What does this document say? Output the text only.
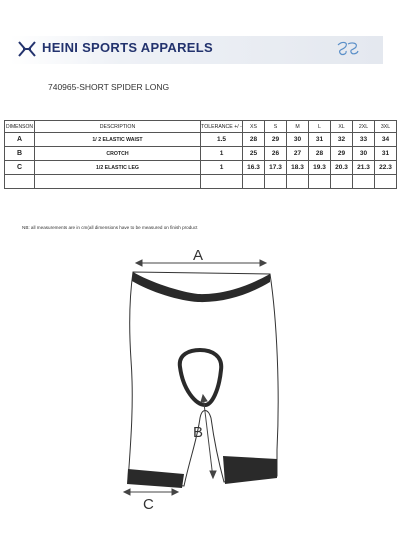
HEINI SPORTS APPARELS
740965-SHORT SPIDER LONG
DIMENSON	DESCRIPTION	TOLERANCE +/ -	XS	S	M	L	XL	2XL	3XL
A	1/ 2 ELASTIC WAIST	1.5	28	29	30	31	32	33	34
B	CROTCH	1	25	26	27	28	29	30	31
C	1/2 ELASTIC LEG	1	16.3	17.3	18.3	19.3	20.3	21.3	22.3

NB: all measurements are in cm(all dimensions have to be measured on finish product
A
B
C
